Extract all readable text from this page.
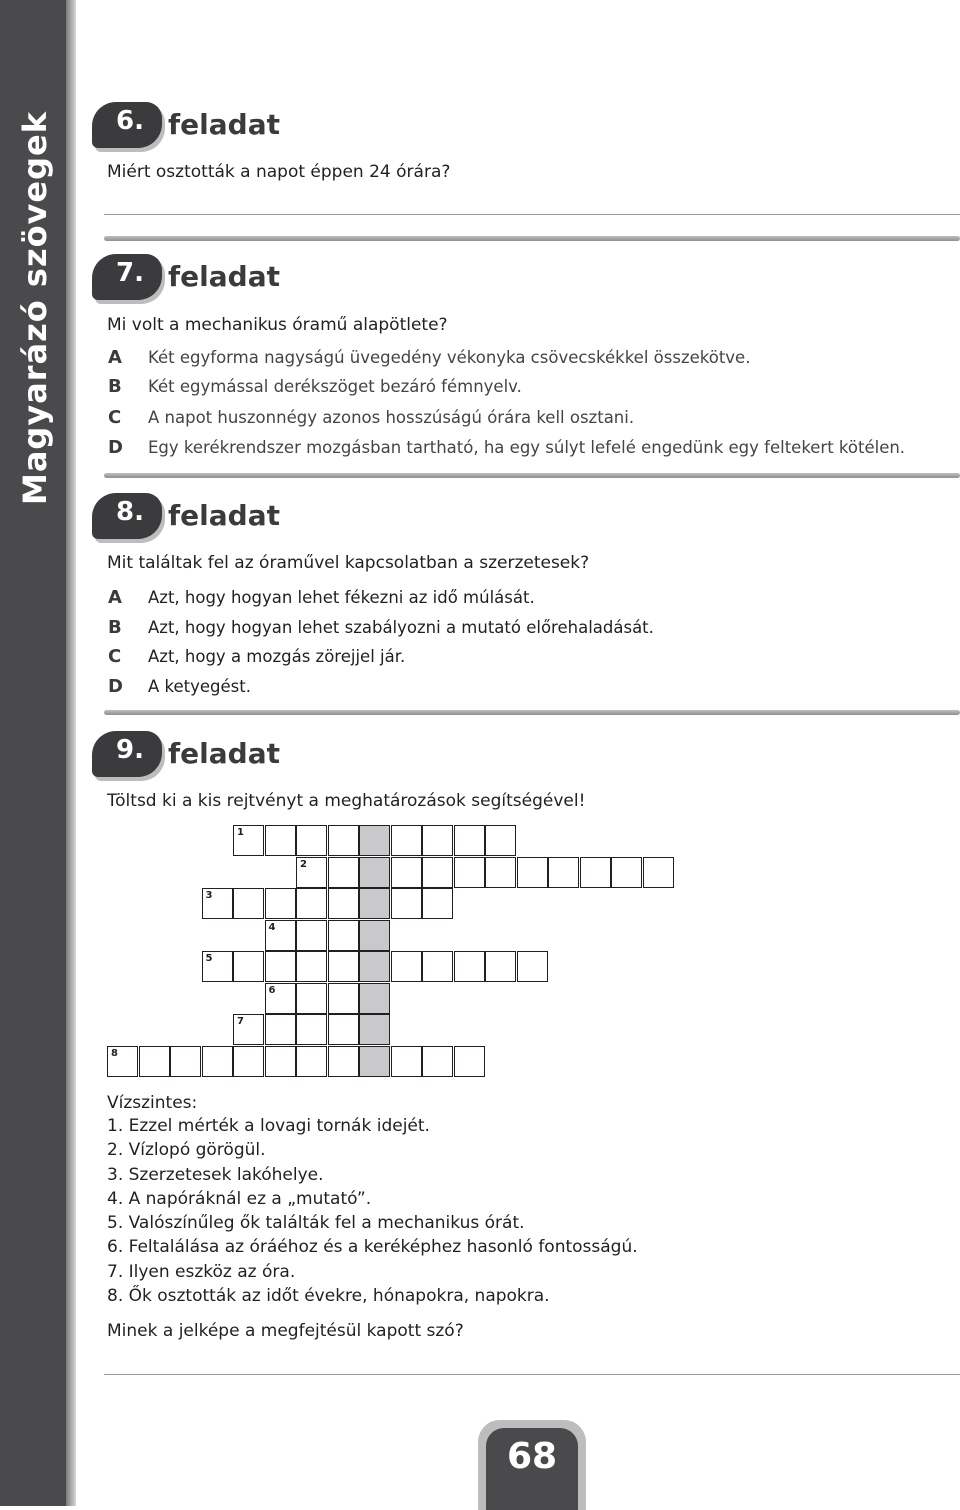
Magyarázó szövegek	6. feladat
Miért osztották a napot éppen 24 órára?
7. feladat
Mi volt a mechanikus óramű alapötlete?
A Két egyforma nagyságú üvegedény vékonyka csövecskékkel összekötve.
B Két egymással derékszöget bezáró fémnyelv.
C A napot huszonnégy azonos hosszúságú órára kell osztani.
D Egy kerékrendszer mozgásban tartható, ha egy súlyt lefelé engedünk egy feltekert kötélen.
8. feladat
Mit találtak fel az óraművel kapcsolatban a szerzetesek?
A Azt, hogy hogyan lehet fékezni az idő múlását.
B Azt, hogy hogyan lehet szabályozni a mutató előrehaladását.
C Azt, hogy a mozgás zörejjel jár.
D A ketyegést.
9. feladat
Töltsd ki a kis rejtvényt a meghatározások segítségével!
1
2
3
4
5
6
7
8
Vízszintes:
1. Ezzel mérték a lovagi tornák idejét.
2. Vízlopó görögül.
3. Szerzetesek lakóhelye.
4. A napóráknál ez a „mutató”.
5. Valószínűleg ők találták fel a mechanikus órát.
6. Feltalálása az óráéhoz és a keréképhez hasonló fontosságú.
7. Ilyen eszköz az óra.
8. Ők osztották az időt évekre, hónapokra, napokra.
Minek a jelképe a megfejtésül kapott szó?
68
